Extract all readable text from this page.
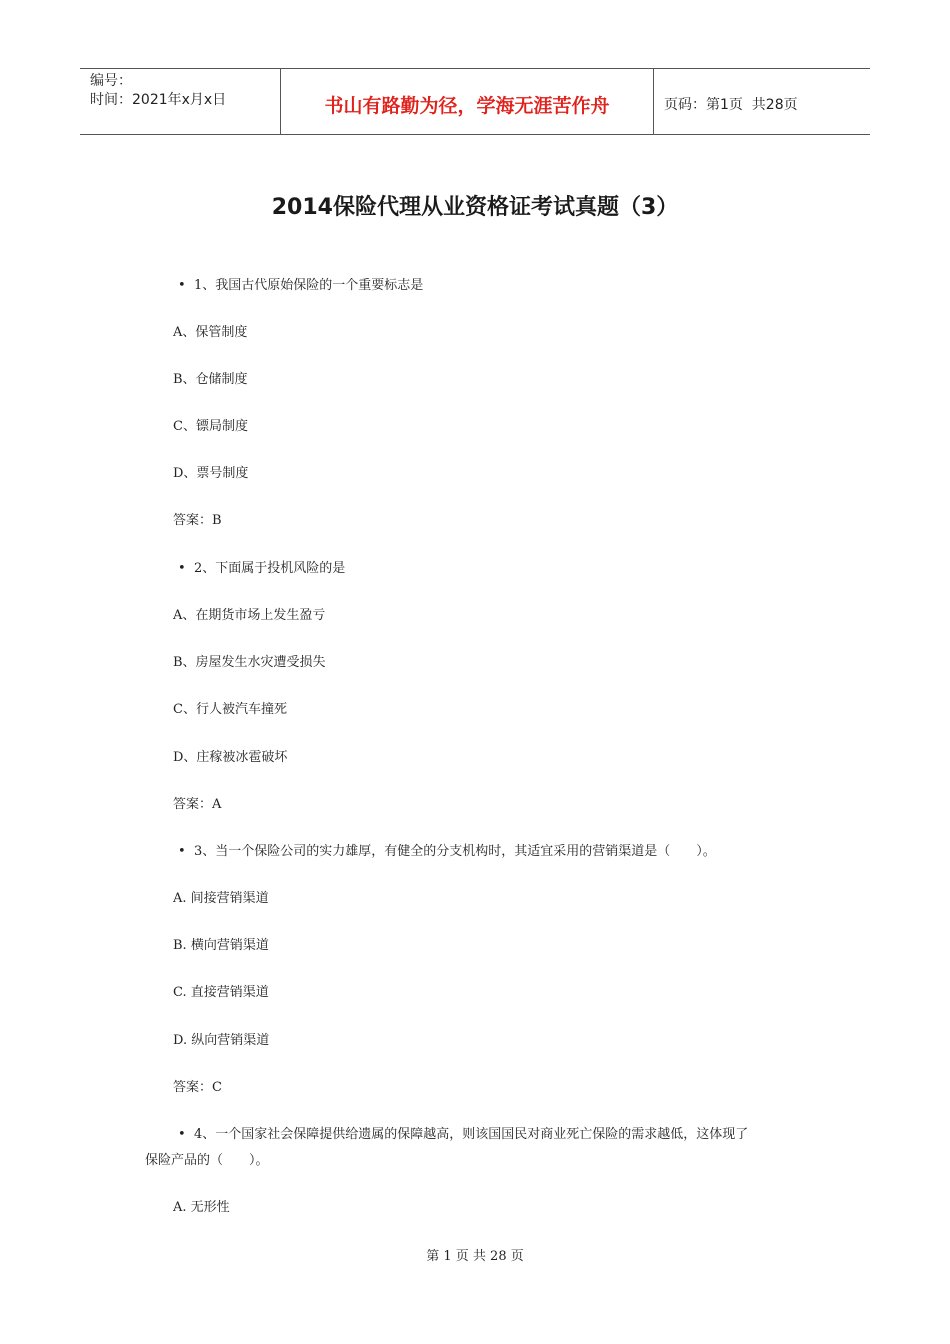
编号：
时间：2021年x月x日	书山有路勤为径，学海无涯苦作舟	页码：第1页  共28页
2014保险代理从业资格证考试真题（3）
• 1、我国古代原始保险的一个重要标志是
A、保管制度
B、仓储制度
C、镖局制度
D、票号制度
答案：B
• 2、下面属于投机风险的是
A、在期货市场上发生盈亏
B、房屋发生水灾遭受损失
C、行人被汽车撞死
D、庄稼被冰雹破坏
答案：A
• 3、当一个保险公司的实力雄厚，有健全的分支机构时，其适宜采用的营销渠道是（　　）。
A. 间接营销渠道
B. 横向营销渠道
C. 直接营销渠道
D. 纵向营销渠道
答案：C
• 4、一个国家社会保障提供给遗属的保障越高，则该国国民对商业死亡保险的需求越低，这体现了
保险产品的（　　）。
A. 无形性
第 1 页 共 28 页
